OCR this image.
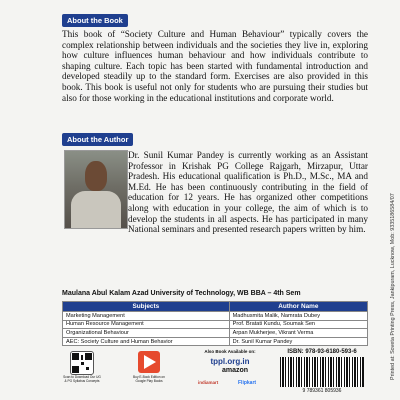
About the Book

This book of “Society Culture and Human Behaviour” typically covers the complex relationship between individuals and the societies they live in, exploring how culture influences human behaviour and how individuals contribute to shaping culture. Each topic has been started with fundamental introduction and developed steadily up to the standard form. Exercises are also provided in this book. This book is useful not only for students who are pursuing their studies but also for those working in the educational institutions and corporate world.

About the Author

Dr. Sunil Kumar Pandey is currently working as an Assistant Professor in Krishak PG College Rajgarh, Mirzapur, Uttar Pradesh. His educational qualification is Ph.D., M.Sc., MA and M.Ed. He has been continuously contributing in the field of education for 12 years. He has organized other competitions along with education in your college, the aim of which is to develop the students in all aspects. He has participated in many National seminars and presented research papers written by him.

Maulana Abul Kalam Azad University of Technology, WB BBA – 4th Sem
Subjects	Author Name
Marketing Management	Madhusmita Malik, Namrata Dubey
Human Resource Management	Prof. Bratati Kundu, Soumak Sen
Organizational Behaviour	Arpan Mukherjee, Vikrant Verma
AEC: Society Culture and Human Behavior	Dr. Sunil Kumar Pandey
Scan to Download Our UG & PG Syllabus Concepts
Buy E-Book Edition on Google Play Books
Also Book Available on:
tppl.org.in
amazon
indiamart	Flipkart
ISBN: 978-93-6180-593-6
9 789361 805936
Printed at: Soveta Printing Press, Jankipuram, Lucknow, Mob: 9335186584/07
